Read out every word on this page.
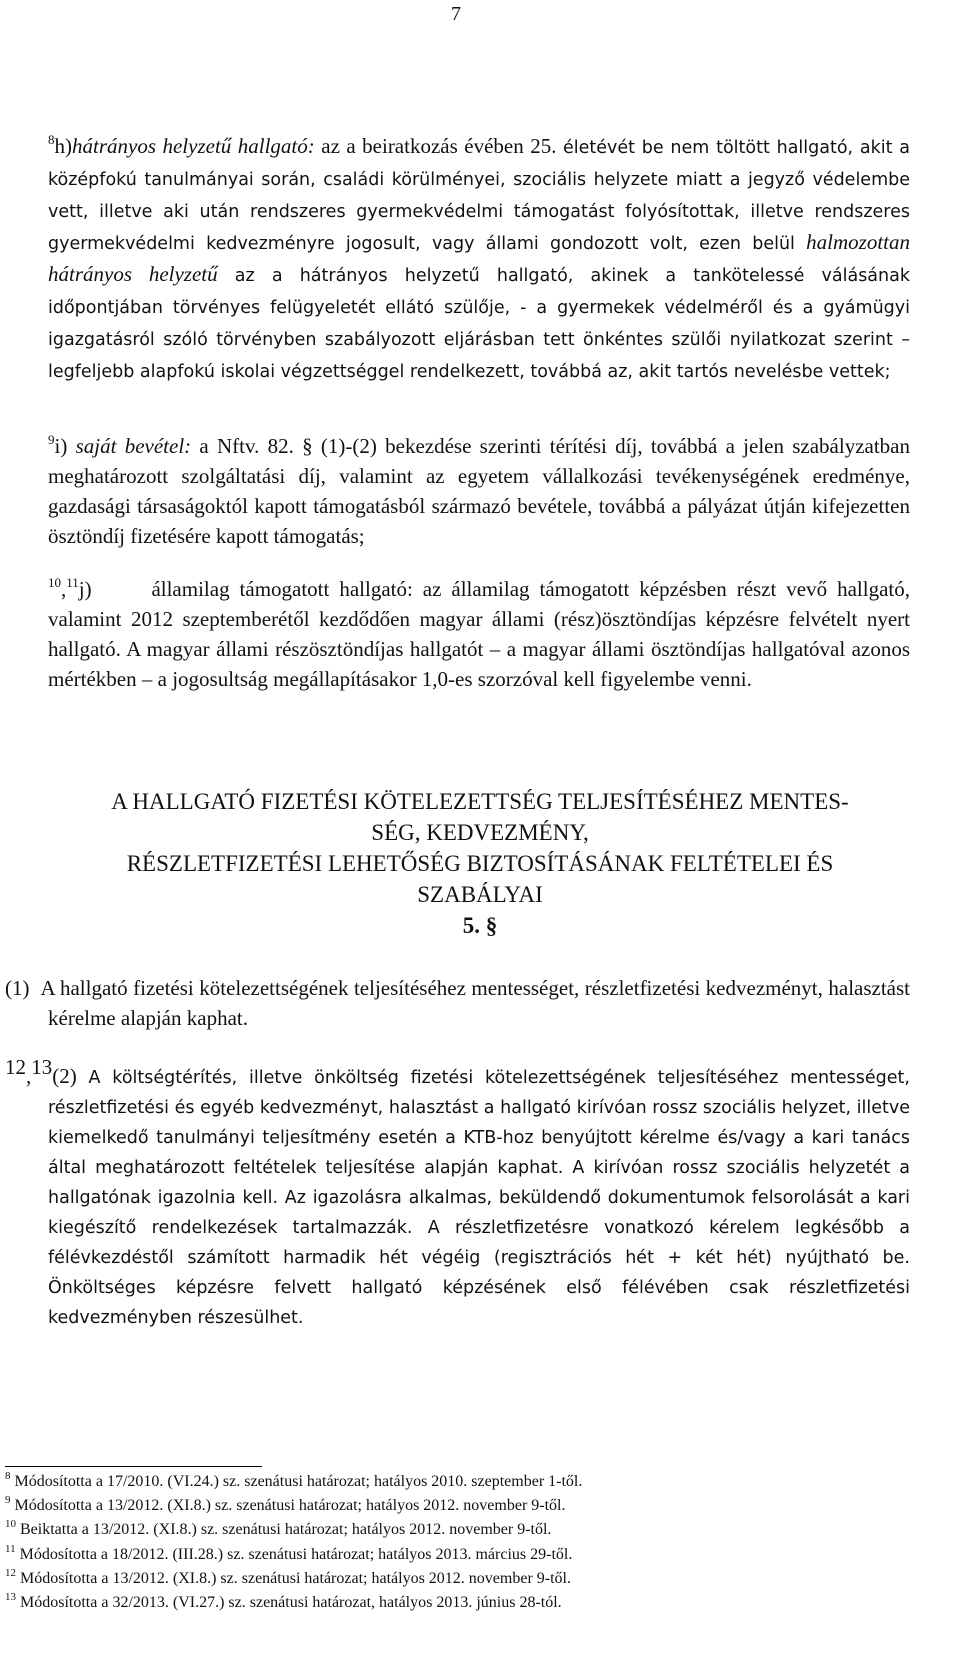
7
$^8$h)hátrányos helyzetű hallgató: az a beiratkozás évében 25. életévét be nem töltött hallgató, akit a középfokú tanulmányai során, családi körülményei, szociális helyzete miatt a jegyző védelembe vett, illetve aki után rendszeres gyermekvédelmi támogatást folyósítottak, illetve rendszeres gyermekvédelmi kedvezményre jogosult, vagy állami gondozott volt, ezen belül halmozottan hátrányos helyzetű az a hátrányos helyzetű hallgató, akinek a tankötelessé válásának időpontjában törvényes felügyeletét ellátó szülője, - a gyermekek védelméről és a gyámügyi igazgatásról szóló törvényben szabályozott eljárásban tett önkéntes szülői nyilatkozat szerint – legfeljebb alapfokú iskolai végzettséggel rendelkezett, továbbá az, akit tartós nevelésbe vettek;
$^9$i) saját bevétel: a Nftv. 82. § (1)-(2) bekezdése szerinti térítési díj, továbbá a jelen szabályzatban meghatározott szolgáltatási díj, valamint az egyetem vállalkozási tevékenységének eredménye, gazdasági társaságoktól kapott támogatásból származó bevétele, továbbá a pályázat útján kifejezetten ösztöndíj fizetésére kapott támogatás;
$^{10}$,$^{11}$j)	államilag támogatott hallgató: az államilag támogatott képzésben részt vevő hallgató, valamint 2012 szeptemberétől kezdődően magyar állami (rész)ösztöndíjas képzésre felvételt nyert hallgató. A magyar állami részösztöndíjas hallgatót – a magyar állami ösztöndíjas hallgatóval azonos mértékben – a jogosultság megállapításakor 1,0-es szorzóval kell figyelembe venni.
A HALLGATÓ FIZETÉSI KÖTELEZETTSÉG TELJESÍTÉSÉHEZ MENTES-
SÉG, KEDVEZMÉNY,
RÉSZLETFIZETÉSI LEHETŐSÉG BIZTOSÍTÁSÁNAK FELTÉTELEI ÉS
SZABÁLYAI
5. §
(1) A hallgató fizetési kötelezettségének teljesítéséhez mentességet, részletfizetési kedvezményt, halasztást kérelme alapján kaphat.
$^{12}$,$^{13}$(2) A költségtérítés, illetve önköltség fizetési kötelezettségének teljesítéséhez mentességet, részletfizetési és egyéb kedvezményt, halasztást a hallgató kirívóan rossz szociális helyzet, illetve kiemelkedő tanulmányi teljesítmény esetén a KTB-hoz benyújtott kérelme és/vagy a kari tanács által meghatározott feltételek teljesítése alapján kaphat. A kirívóan rossz szociális helyzetét a hallgatónak igazolnia kell. Az igazolásra alkalmas, beküldendő dokumentumok felsorolását a kari kiegészítő rendelkezések tartalmazzák. A részletfizetésre vonatkozó kérelem legkésőbb a félévkezdéstől számított harmadik hét végéig (regisztrációs hét + két hét) nyújtható be. Önköltséges képzésre felvett hallgató képzésének első félévében csak részletfizetési kedvezményben részesülhet.
$^8$ Módosította a 17/2010. (VI.24.) sz. szenátusi határozat; hatályos 2010. szeptember 1-től.
$^9$ Módosította a 13/2012. (XI.8.) sz. szenátusi határozat; hatályos 2012. november 9-től.
$^{10}$ Beiktatta a 13/2012. (XI.8.) sz. szenátusi határozat; hatályos 2012. november 9-től.
$^{11}$ Módosította a 18/2012. (III.28.) sz. szenátusi határozat; hatályos 2013. március 29-től.
$^{12}$ Módosította a 13/2012. (XI.8.) sz. szenátusi határozat; hatályos 2012. november 9-től.
$^{13}$ Módosította a 32/2013. (VI.27.) sz. szenátusi határozat, hatályos 2013. június 28-tól.
